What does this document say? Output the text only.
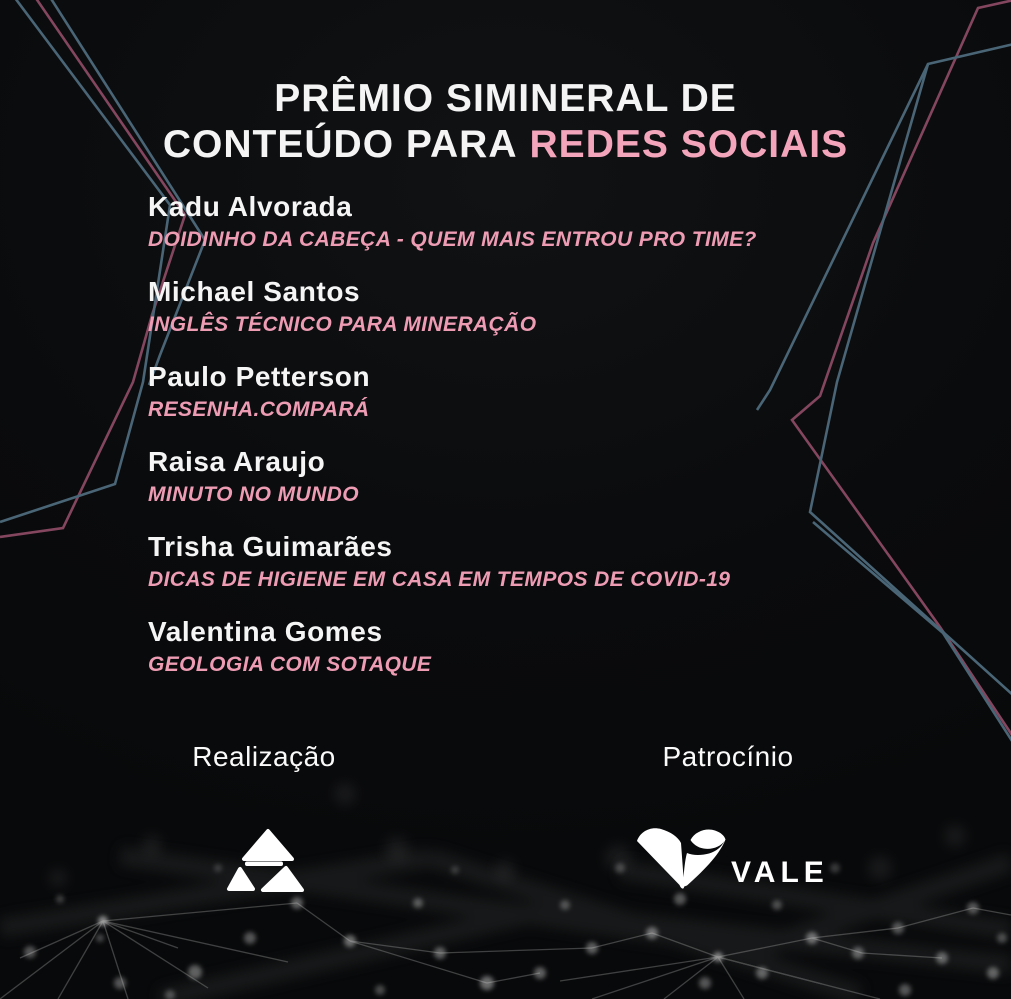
PRÊMIO SIMINERAL DE
CONTEÚDO PARA REDES SOCIAIS
Kadu Alvorada
DOIDINHO DA CABEÇA - QUEM MAIS ENTROU PRO TIME?
Michael Santos
INGLÊS TÉCNICO PARA MINERAÇÃO
Paulo Petterson
RESENHA.COMPARÁ
Raisa Araujo
MINUTO NO MUNDO
Trisha Guimarães
DICAS DE HIGIENE EM CASA EM TEMPOS DE COVID-19
Valentina Gomes
GEOLOGIA COM SOTAQUE
Realização	Patrocínio
VALE
